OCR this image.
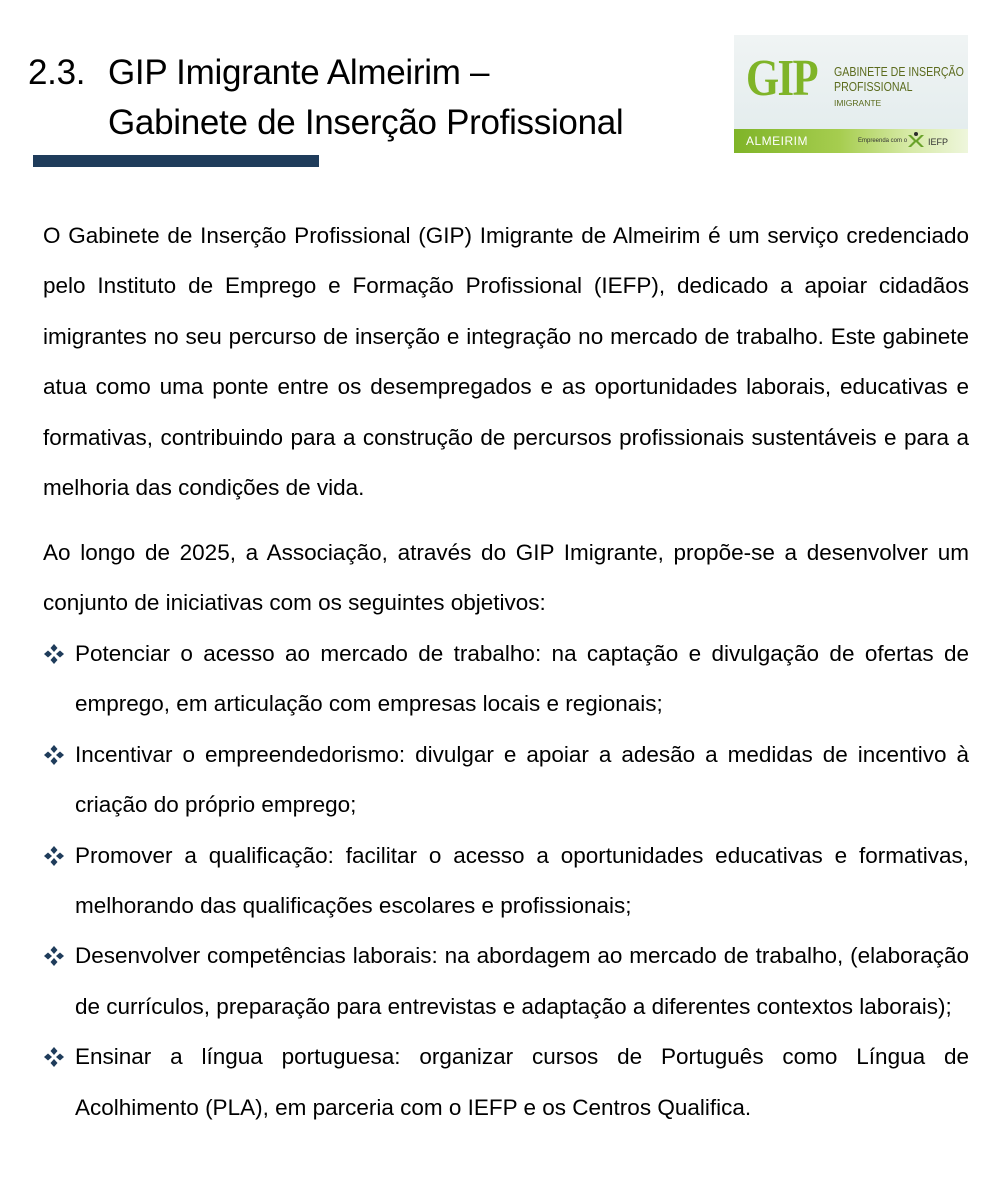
2.3. GIP Imigrante Almeirim –
Gabinete de Inserção Profissional
GIP GABINETE DE INSERÇÃO
PROFISSIONAL
IMIGRANTE
ALMEIRIM	Empreenda com o IEFP

O Gabinete de Inserção Profissional (GIP) Imigrante de Almeirim é um serviço credenciado pelo Instituto de Emprego e Formação Profissional (IEFP), dedicado a apoiar cidadãos imigrantes no seu percurso de inserção e integração no mercado de trabalho. Este gabinete atua como uma ponte entre os desempregados e as oportunidades laborais, educativas e formativas, contribuindo para a construção de percursos profissionais sustentáveis e para a melhoria das condições de vida.

Ao longo de 2025, a Associação, através do GIP Imigrante, propõe-se a desenvolver um conjunto de iniciativas com os seguintes objetivos:

Potenciar o acesso ao mercado de trabalho: na captação e divulgação de ofertas de emprego, em articulação com empresas locais e regionais;
Incentivar o empreendedorismo: divulgar e apoiar a adesão a medidas de incentivo à criação do próprio emprego;
Promover a qualificação: facilitar o acesso a oportunidades educativas e formativas, melhorando das qualificações escolares e profissionais;
Desenvolver competências laborais: na abordagem ao mercado de trabalho, (elaboração de currículos, preparação para entrevistas e adaptação a diferentes contextos laborais);
Ensinar a língua portuguesa: organizar cursos de Português como Língua de Acolhimento (PLA), em parceria com o IEFP e os Centros Qualifica.
